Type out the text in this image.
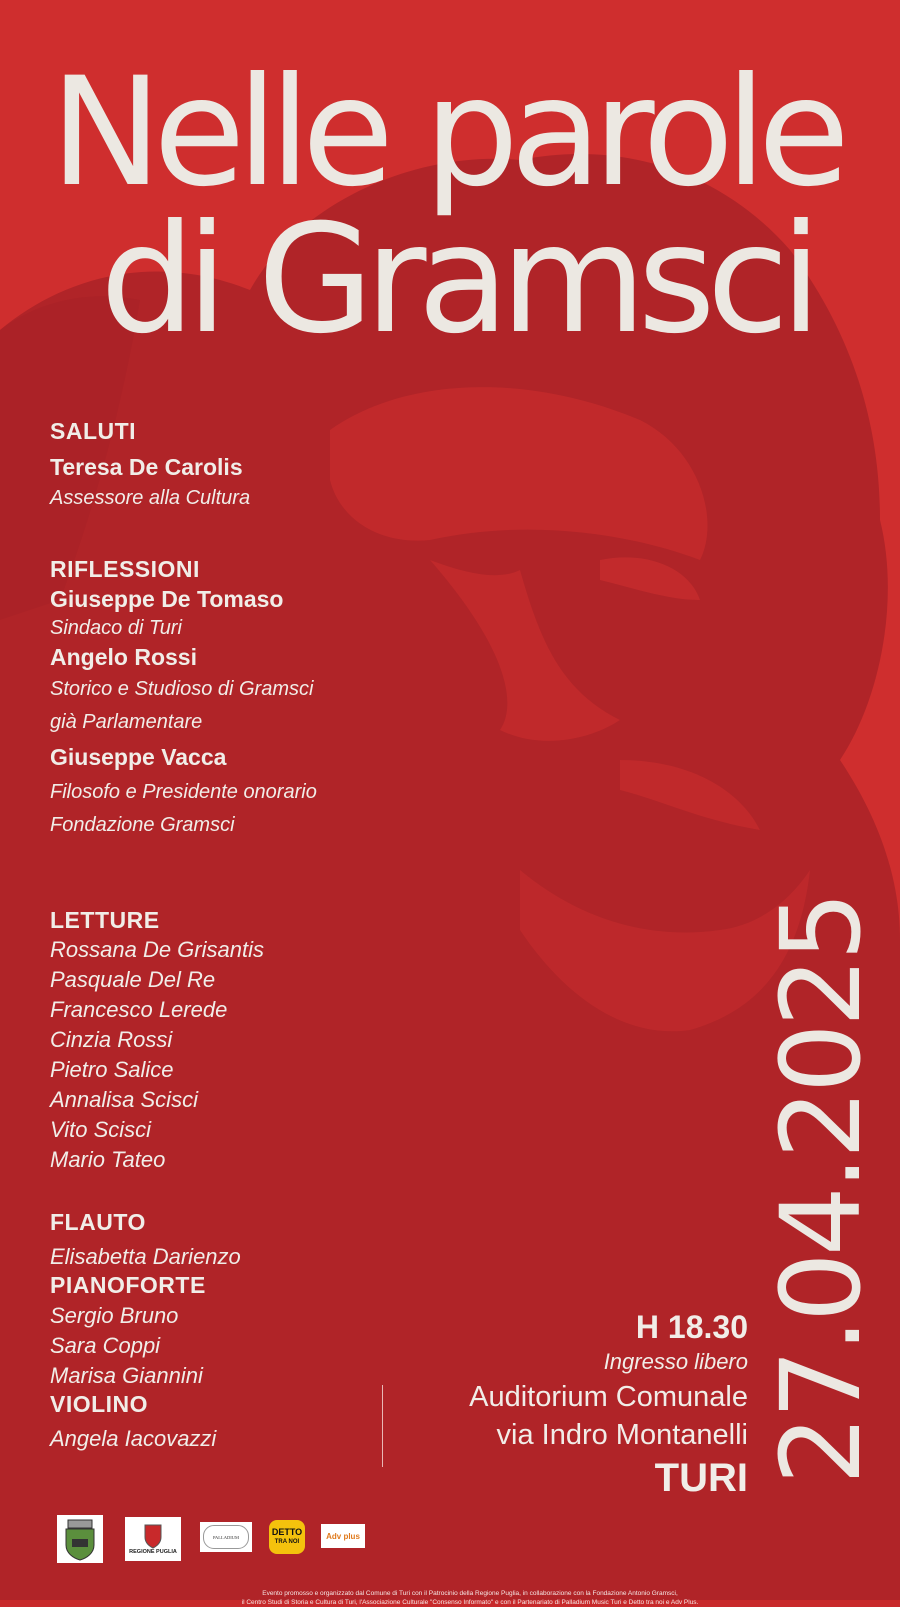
Nelle parole
di Gramsci
SALUTI
Teresa De Carolis
Assessore alla Cultura
RIFLESSIONI
Giuseppe De Tomaso
Sindaco di Turi
Angelo Rossi
Storico e Studioso di Gramsci
già Parlamentare
Giuseppe Vacca
Filosofo e Presidente onorario
Fondazione Gramsci
LETTURE
Rossana De Grisantis
Pasquale Del Re
Francesco Lerede
Cinzia Rossi
Pietro Salice
Annalisa Scisci
Vito Scisci
Mario Tateo
FLAUTO
Elisabetta Darienzo
PIANOFORTE
Sergio Bruno
Sara Coppi
Marisa Giannini
VIOLINO
Angela Iacovazzi	27.04.2025
H 18.30
Ingresso libero
Auditorium Comunale
via Indro Montanelli
TURI
REGIONE PUGLIA
PALLADIUM	DETTO
TRA NOI
Adv plus
Evento promosso e organizzato dal Comune di Turi con il Patrocinio della Regione Puglia, in collaborazione con la Fondazione Antonio Gramsci,
il Centro Studi di Storia e Cultura di Turi, l'Associazione Culturale "Consenso Informato" e con il Partenariato di Palladium Music Turi e Detto tra noi e Adv Plus.
